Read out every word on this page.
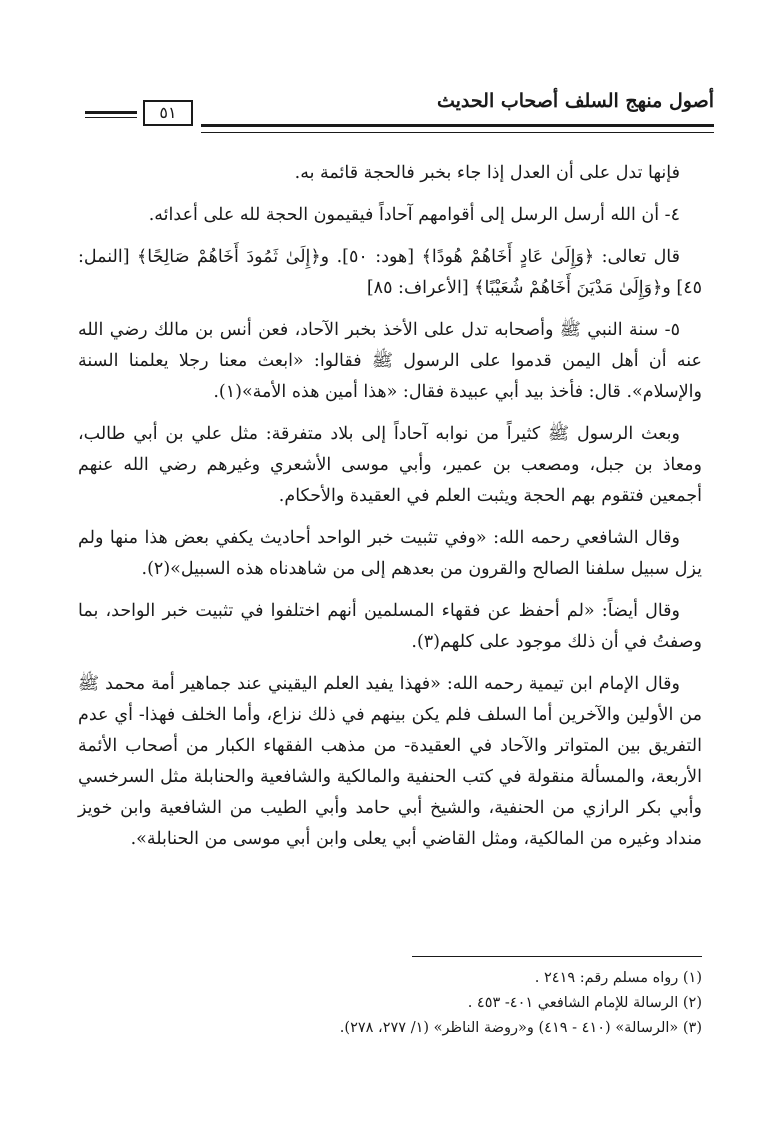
أصول منهج السلف أصحاب الحديث
٥١

فإنها تدل على أن العدل إذا جاء بخبر فالحجة قائمة به.

٤- أن الله أرسل الرسل إلى أقوامهم آحاداً فيقيمون الحجة لله على أعدائه.

قال تعالى: ﴿وَإِلَىٰ عَادٍ أَخَاهُمْ هُودًا﴾ [هود: ٥٠]. و﴿إِلَىٰ ثَمُودَ أَخَاهُمْ صَالِحًا﴾ [النمل: ٤٥] و﴿وَإِلَىٰ مَدْيَنَ أَخَاهُمْ شُعَيْبًا﴾ [الأعراف: ٨٥]

٥- سنة النبي ﷺ وأصحابه تدل على الأخذ بخبر الآحاد، فعن أنس بن مالك رضي الله عنه أن أهل اليمن قدموا على الرسول ﷺ فقالوا: «ابعث معنا رجلا يعلمنا السنة والإسلام». قال: فأخذ بيد أبي عبيدة فقال: «هذا أمين هذه الأمة»(١).

وبعث الرسول ﷺ كثيراً من نوابه آحاداً إلى بلاد متفرقة: مثل علي بن أبي طالب، ومعاذ بن جبل، ومصعب بن عمير، وأبي موسى الأشعري وغيرهم رضي الله عنهم أجمعين فتقوم بهم الحجة ويثبت العلم في العقيدة والأحكام.

وقال الشافعي رحمه الله: «وفي تثبيت خبر الواحد أحاديث يكفي بعض هذا منها ولم يزل سبيل سلفنا الصالح والقرون من بعدهم إلى من شاهدناه هذه السبيل»(٢).

وقال أيضاً: «لم أحفظ عن فقهاء المسلمين أنهم اختلفوا في تثبيت خبر الواحد، بما وصفتُ في أن ذلك موجود على كلهم(٣).

وقال الإمام ابن تيمية رحمه الله: «فهذا يفيد العلم اليقيني عند جماهير أمة محمد ﷺ من الأولين والآخرين أما السلف فلم يكن بينهم في ذلك نزاع، وأما الخلف فهذا- أي عدم التفريق بين المتواتر والآحاد في العقيدة- من مذهب الفقهاء الكبار من أصحاب الأئمة الأربعة، والمسألة منقولة في كتب الحنفية والمالكية والشافعية والحنابلة مثل السرخسي وأبي بكر الرازي من الحنفية، والشيخ أبي حامد وأبي الطيب من الشافعية وابن خويز منداد وغيره من المالكية، ومثل القاضي أبي يعلى وابن أبي موسى من الحنابلة».

(١) رواه مسلم رقم: ٢٤١٩ .
(٢) الرسالة للإمام الشافعي ٤٠١- ٤٥٣ .
(٣) «الرسالة» (٤١٠ - ٤١٩) و«روضة الناظر» (١/ ٢٧٧، ٢٧٨).
